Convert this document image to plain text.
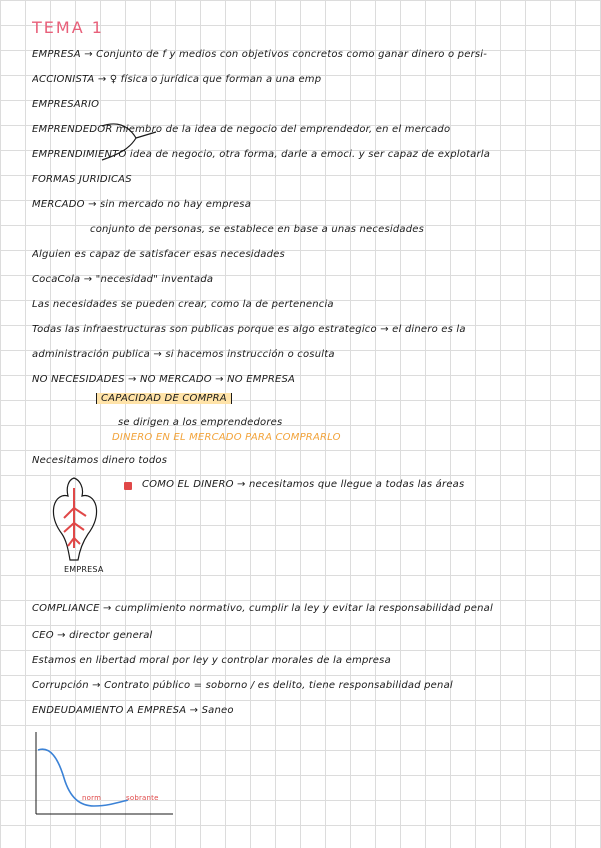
TEMA 1
EMPRESA → Conjunto de f y medios con objetivos concretos como ganar dinero o persi-
ACCIONISTA → ♀ física o jurídica que forman a una emp
EMPRESARIO
EMPRENDEDOR miembro de la idea de negocio del emprendedor, en el mercado
EMPRENDIMIENTO idea de negocio, otra forma, darle a emoci. y ser capaz de explotarla
FORMAS JURIDICAS
MERCADO → sin mercado no hay empresa
conjunto de personas, se establece en base a unas necesidades
Alguien es capaz de satisfacer esas necesidades
CocaCola → "necesidad" inventada
Las necesidades se pueden crear, como la de pertenencia
Todas las infraestructuras son publicas porque es algo estrategico → el dinero es la
administración publica → si hacemos instrucción o cosulta
NO NECESIDADES → NO MERCADO → NO EMPRESA
CAPACIDAD DE COMPRA
se dirigen a los emprendedores
DINERO EN EL MERCADO PARA COMPRARLO
Necesitamos dinero todos
COMO EL DINERO → necesitamos que llegue a todas las áreas
EMPRESA
COMPLIANCE → cumplimiento normativo, cumplir la ley y evitar la responsabilidad penal
CEO → director general
Estamos en libertad moral por ley y controlar morales de la empresa
Corrupción → Contrato público = soborno / es delito, tiene responsabilidad penal
ENDEUDAMIENTO A EMPRESA → Saneo
norm	sobrante
